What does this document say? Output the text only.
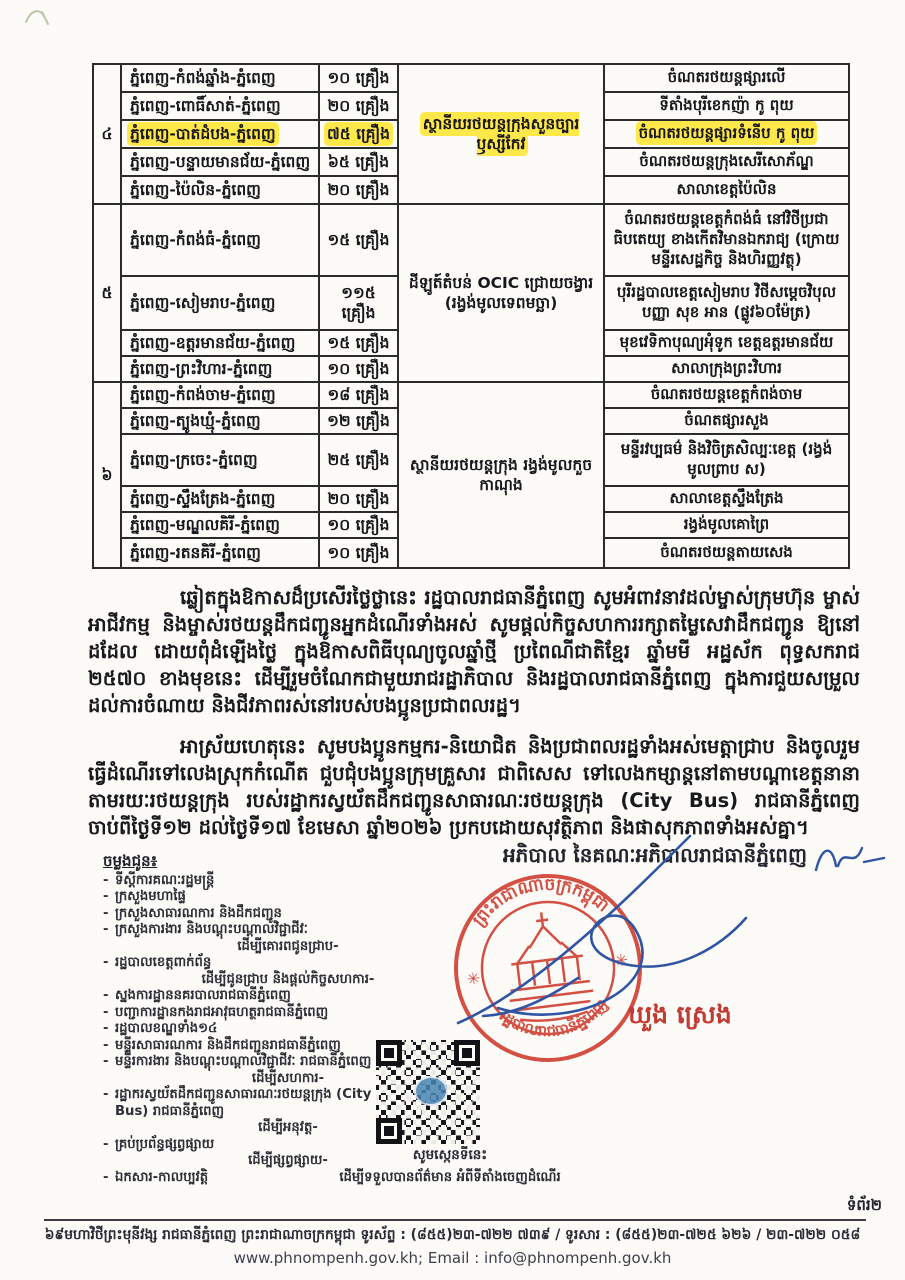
៤	ភ្នំពេញ-កំពង់ឆ្នាំង-ភ្នំពេញ	១០ គ្រឿង	ស្ថានីយរថយន្តក្រុងសួនច្បារឫស្សីកែវ	ចំណតរថយន្តផ្សារលើ
	ភ្នំពេញ-ពោធិ៍សាត់-ភ្នំពេញ	២០ គ្រឿង		ទីតាំងបុរីខេកញ៉ា កូ ពុយ
	ភ្នំពេញ-បាត់ដំបង-ភ្នំពេញ	៧៥ គ្រឿង		ចំណតរថយន្តផ្សារទំនើប កូ ពុយ
	ភ្នំពេញ-បន្ទាយមានជ័យ-ភ្នំពេញ	៦៥ គ្រឿង		ចំណតរថយន្តក្រុងសេរីសោភ័ណ្ឌ
	ភ្នំពេញ-ប៉ៃលិន-ភ្នំពេញ	២០ គ្រឿង		សាលាខេត្តប៉ៃលិន
៥	ភ្នំពេញ-កំពង់ធំ-ភ្នំពេញ	១៥ គ្រឿង	ដីឡូត៍តំបន់ OCIC ជ្រោយចង្វារ (រង្វង់មូលទេពមច្ឆា)	ចំណតរថយន្តខេត្តកំពង់ធំ នៅវិថីប្រជាធិបតេយ្យ ខាងកើតវិមានឯករាជ្យ (ក្រោយមន្ទីរសេដ្ឋកិច្ច និងហិរញ្ញវត្ថុ)
	ភ្នំពេញ-សៀមរាប-ភ្នំពេញ	១១៥ គ្រឿង		បុរីរដ្ឋបាលខេត្តសៀមរាប វិថីសម្តេចវិបុលបញ្ញា សុខ អាន (ផ្លូវ៦០ម៉ែត្រ)
	ភ្នំពេញ-ឧត្តរមានជ័យ-ភ្នំពេញ	១៥ គ្រឿង		មុខវេទិកាបុណ្យអុំទូក ខេត្តឧត្តរមានជ័យ
	ភ្នំពេញ-ព្រះវិហារ-ភ្នំពេញ	១០ គ្រឿង		សាលាក្រុងព្រះវិហារ
៦	ភ្នំពេញ-កំពង់ចាម-ភ្នំពេញ	១៨ គ្រឿង	ស្ថានីយរថយន្តក្រុង រង្វង់មូលកួចកាណុង	ចំណតរថយន្តខេត្តកំពង់ចាម
	ភ្នំពេញ-ត្បូងឃ្មុំ-ភ្នំពេញ	១២ គ្រឿង		ចំណតផ្សារសួង
	ភ្នំពេញ-ក្រចេះ-ភ្នំពេញ	២៥ គ្រឿង		មន្ទីរវប្បធម៌ និងវិចិត្រសិល្បៈខេត្ត (រង្វង់មូលព្រាប ស)
	ភ្នំពេញ-ស្ទឹងត្រែង-ភ្នំពេញ	២០ គ្រឿង		សាលាខេត្តស្ទឹងត្រែង
	ភ្នំពេញ-មណ្ឌលគិរី-ភ្នំពេញ	១០ គ្រឿង		រង្វង់មូលគោព្រៃ
	ភ្នំពេញ-រតនគិរី-ភ្នំពេញ	១០ គ្រឿង		ចំណតរថយន្តតាយសេង

ឆ្លៀតក្នុងឱកាសដ៏ប្រសើរថ្លៃថ្លានេះ រដ្ឋបាលរាជធានីភ្នំពេញ សូមអំពាវនាវដល់ម្ចាស់ក្រុមហ៊ុន ម្ចាស់អាជីវកម្ម និងម្ចាស់រថយន្តដឹកជញ្ជូនអ្នកដំណើរទាំងអស់ សូមផ្តល់កិច្ចសហការរក្សាតម្លៃសេវាដឹកជញ្ជូន ឱ្យនៅដដែល ដោយពុំដំឡើងថ្លៃ ក្នុងឱកាសពិធីបុណ្យចូលឆ្នាំថ្មី ប្រពៃណីជាតិខ្មែរ ឆ្នាំមមី អដ្ឋស័ក ពុទ្ធសករាជ ២៥៧០ ខាងមុខនេះ ដើម្បីរួមចំណែកជាមួយរាជរដ្ឋាភិបាល និងរដ្ឋបាលរាជធានីភ្នំពេញ ក្នុងការជួយសម្រួលដល់ការចំណាយ និងជីវភាពរស់នៅរបស់បងប្អូនប្រជាពលរដ្ឋ។

អាស្រ័យហេតុនេះ សូមបងប្អូនកម្មករ-និយោជិត និងប្រជាពលរដ្ឋទាំងអស់មេត្តាជ្រាប និងចូលរួមធ្វើដំណើរទៅលេងស្រុកកំណើត ជួបជុំបងប្អូនក្រុមគ្រួសារ ជាពិសេស ទៅលេងកម្សាន្តនៅតាមបណ្តាខេត្តនានា តាមរយៈរថយន្តក្រុង របស់រដ្ឋាករស្វយ័តដឹកជញ្ជូនសាធារណៈរថយន្តក្រុង (City Bus) រាជធានីភ្នំពេញ ចាប់ពីថ្ងៃទី១២ ដល់ថ្ងៃទី១៧ ខែមេសា ឆ្នាំ២០២៦ ប្រកបដោយសុវត្ថិភាព និងផាសុកភាពទាំងអស់គ្នា។

អភិបាល នៃគណៈអភិបាលរាជធានីភ្នំពេញ
ព្រះរាជាណាចក្រកម្ពុជា
រដ្ឋបាលរាជធានីភ្នំពេញ
✳
✳
ឃួង ស្រេង
ចម្លងជូន៖
- ទីស្តីការគណៈរដ្ឋមន្ត្រី
- ក្រសួងមហាផ្ទៃ
- ក្រសួងសាធារណការ និងដឹកជញ្ជូន
- ក្រសួងការងារ និងបណ្តុះបណ្តាលវិជ្ជាជីវៈ
ដើម្បីគោរពជូនជ្រាប-
- រដ្ឋបាលខេត្តពាក់ព័ន្ធ
ដើម្បីជូនជ្រាប និងផ្តល់កិច្ចសហការ-
- ស្នងការដ្ឋាននគរបាលរាជធានីភ្នំពេញ
- បញ្ជាការដ្ឋានកងរាជអាវុធហត្ថរាជធានីភ្នំពេញ
- រដ្ឋបាលខណ្ឌទាំង១៤
- មន្ទីរសាធារណការ និងដឹកជញ្ជូនរាជធានីភ្នំពេញ
- មន្ទីរការងារ និងបណ្តុះបណ្តាលវិជ្ជាជីវៈ រាជធានីភ្នំពេញ
ដើម្បីសហការ-
- រដ្ឋាករស្វយ័តដឹកជញ្ជូនសាធារណៈរថយន្តក្រុង (City Bus) រាជធានីភ្នំពេញ
ដើម្បីអនុវត្ត-
- គ្រប់ប្រព័ន្ធផ្សព្វផ្សាយ
ដើម្បីផ្សព្វផ្សាយ-
- ឯកសារ-កាលប្បវត្តិ
សូមស្កេនទីនេះ
ដើម្បីទទួលបានព័ត៌មាន អំពីទីតាំងចេញដំណើរ
ទំព័រ២
៦៩មហាវិថីព្រះមុនីវង្ស រាជធានីភ្នំពេញ ព្រះរាជាណាចក្រកម្ពុជា ទូរស័ព្ទ : (៨៥៥)២៣-៧២២ ៧៣៩ / ទូរសារ : (៨៥៥)២៣-៧២៥ ៦២៦ / ២៣-៧២២ ០៥៨
www.phnompenh.gov.kh; Email : info@phnompenh.gov.kh
